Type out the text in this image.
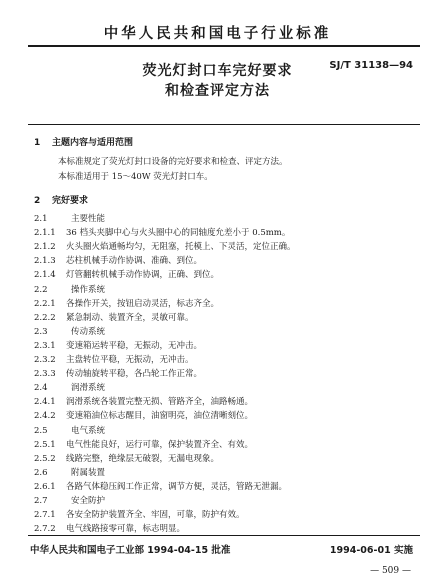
中华人民共和国电子行业标准
荧光灯封口车完好要求
和检查评定方法
SJ/T 31138—94
1 主题内容与适用范围
本标准规定了荧光灯封口设备的完好要求和检查、评定方法。
本标准适用于 15～40W 荧光灯封口车。
2 完好要求
2.1	主要性能
2.1.1 36 档头夹脚中心与火头圈中心的同轴度允差小于 0.5mm。
2.1.2 火头圈火焰通畅均匀，无阻塞，托模上、下灵活，定位正确。
2.1.3 芯柱机械手动作协调、准确、到位。
2.1.4 灯管翻转机械手动作协调，正确、到位。
2.2	操作系统
2.2.1 各操作开关，按钮启动灵活，标志齐全。
2.2.2 紧急制动、装置齐全，灵敏可靠。
2.3	传动系统
2.3.1 变速箱运转平稳，无振动，无冲击。
2.3.2 主盘转位平稳，无振动，无冲击。
2.3.3 传动轴旋转平稳，各凸轮工作正常。
2.4	润滑系统
2.4.1 润滑系统各装置完整无损、管路齐全，油路畅通。
2.4.2 变速箱油位标志醒目，油窗明亮，油位清晰刻位。
2.5	电气系统
2.5.1 电气性能良好，运行可靠，保护装置齐全、有效。
2.5.2 线路完整，绝缘层无破裂，无漏电现象。
2.6	附属装置
2.6.1 各路气体稳压阀工作正常，调节方便，灵活，管路无泄漏。
2.7	安全防护
2.7.1 各安全防护装置齐全、牢固，可靠，防护有效。
2.7.2 电气线路接零可靠，标志明显。
中华人民共和国电子工业部 1994-04-15 批准	1994-06-01 实施
— 509 —
